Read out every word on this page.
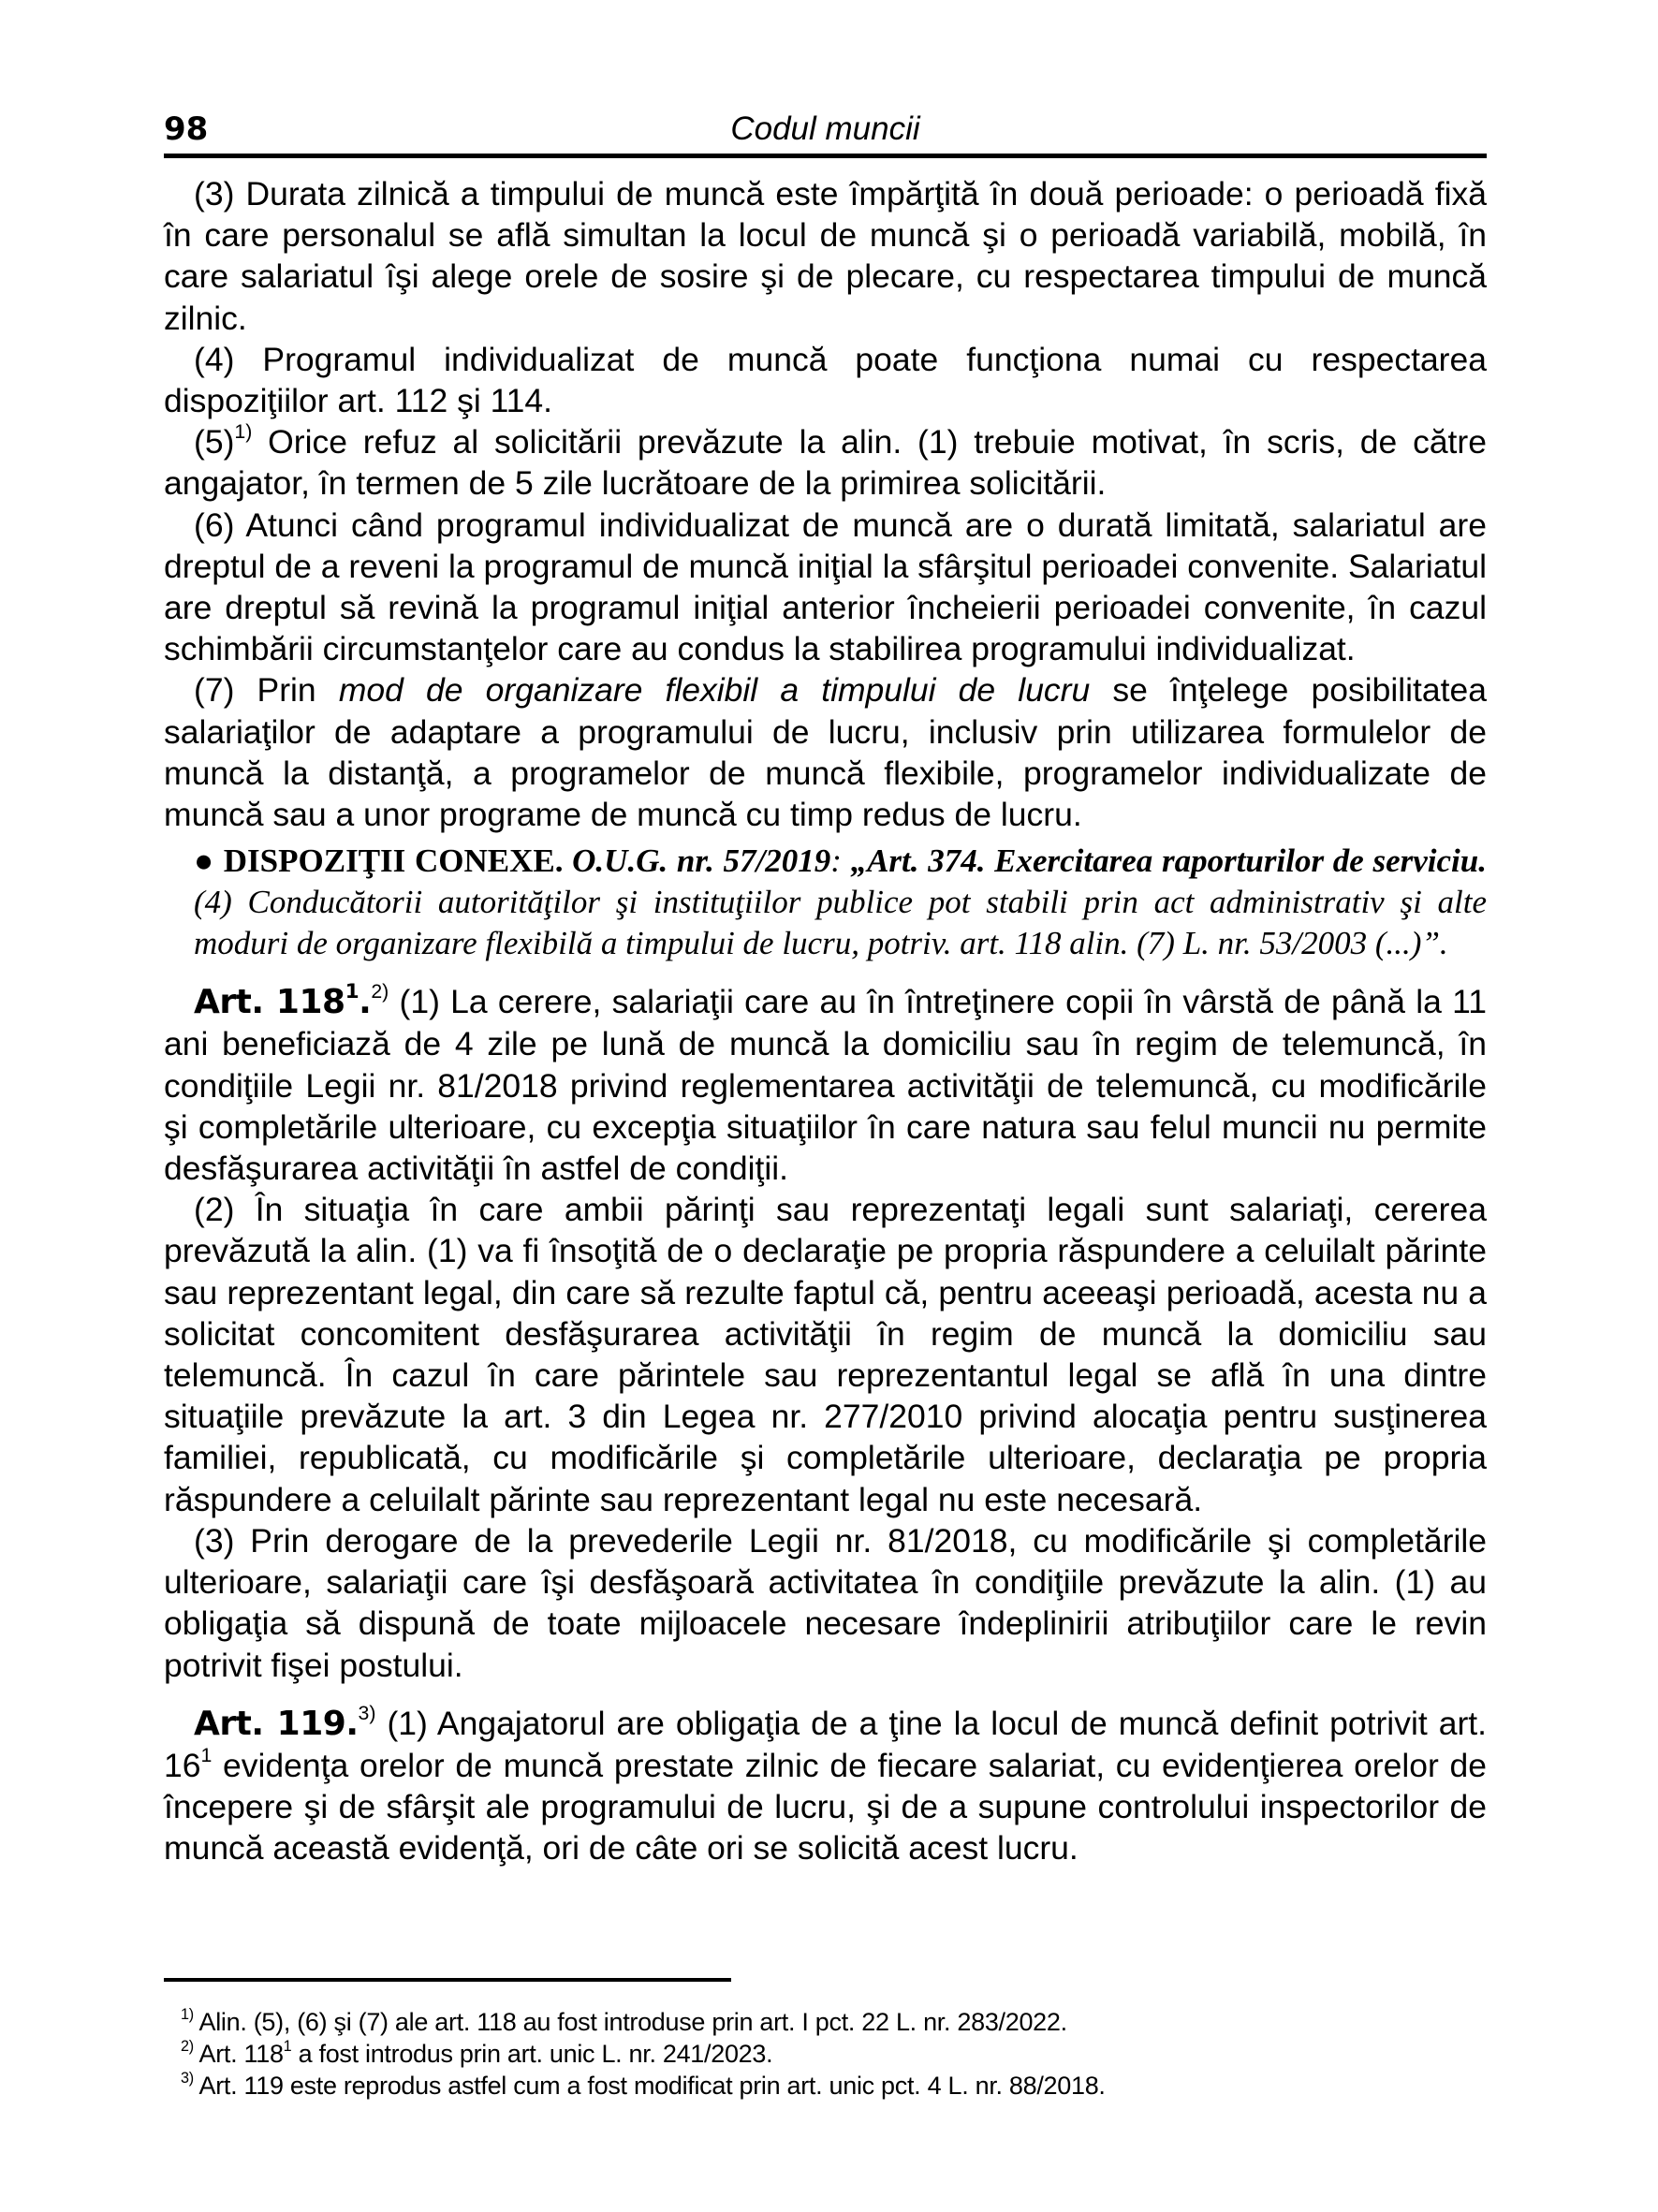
98	Codul muncii

(3) Durata zilnică a timpului de muncă este împărţită în două perioade: o perioadă fixă în care personalul se află simultan la locul de muncă şi o perioadă variabilă, mobilă, în care salariatul îşi alege orele de sosire şi de plecare, cu respectarea timpului de muncă zilnic.

(4) Programul individualizat de muncă poate funcţiona numai cu respectarea dispoziţiilor art. 112 şi 114.

$(5)^{1)}$ Orice refuz al solicitării prevăzute la alin. (1) trebuie motivat, în scris, de către angajator, în termen de 5 zile lucrătoare de la primirea solicitării.

(6) Atunci când programul individualizat de muncă are o durată limitată, salariatul are dreptul de a reveni la programul de muncă iniţial la sfârşitul perioadei convenite. Salariatul are dreptul să revină la programul iniţial anterior încheierii perioadei convenite, în cazul schimbării circumstanţelor care au condus la stabilirea programului individualizat.

(7) Prin mod de organizare flexibil a timpului de lucru se înţelege posibilitatea salariaţilor de adaptare a programului de lucru, inclusiv prin utilizarea formulelor de muncă la distanţă, a programelor de muncă flexibile, programelor individualizate de muncă sau a unor programe de muncă cu timp redus de lucru.

● DISPOZIŢII CONEXE. O.U.G. nr. 57/2019: „Art. 374. Exercitarea raporturilor de serviciu. (4) Conducătorii autorităţilor şi instituţiilor publice pot stabili prin act administrativ şi alte moduri de organizare flexibilă a timpului de lucru, potriv. art. 118 alin. (7) L. nr. 53/2003 (...)”.

Art. $118^1.^{2)}$ (1) La cerere, salariaţii care au în întreţinere copii în vârstă de până la 11 ani beneficiază de 4 zile pe lună de muncă la domiciliu sau în regim de telemuncă, în condiţiile Legii nr. 81/2018 privind reglementarea activităţii de telemuncă, cu modificările şi completările ulterioare, cu excepţia situaţiilor în care natura sau felul muncii nu permite desfăşurarea activităţii în astfel de condiţii.

(2) În situaţia în care ambii părinţi sau reprezentaţi legali sunt salariaţi, cererea prevăzută la alin. (1) va fi însoţită de o declaraţie pe propria răspundere a celuilalt părinte sau reprezentant legal, din care să rezulte faptul că, pentru aceeaşi perioadă, acesta nu a solicitat concomitent desfăşurarea activităţii în regim de muncă la domiciliu sau telemuncă. În cazul în care părintele sau reprezentantul legal se află în una dintre situaţiile prevăzute la art. 3 din Legea nr. 277/2010 privind alocaţia pentru susţinerea familiei, republicată, cu modificările şi completările ulterioare, declaraţia pe propria răspundere a celuilalt părinte sau reprezentant legal nu este necesară.

(3) Prin derogare de la prevederile Legii nr. 81/2018, cu modificările şi completările ulterioare, salariaţii care îşi desfăşoară activitatea în condiţiile prevăzute la alin. (1) au obligaţia să dispună de toate mijloacele necesare îndeplinirii atribuţiilor care le revin potrivit fişei postului.

Art. 119.$^{3)}$ (1) Angajatorul are obligaţia de a ţine la locul de muncă definit potrivit art. $16^1$ evidenţa orelor de muncă prestate zilnic de fiecare salariat, cu evidenţierea orelor de începere şi de sfârşit ale programului de lucru, şi de a supune controlului inspectorilor de muncă această evidenţă, ori de câte ori se solicită acest lucru.

$^{1)}$ Alin. (5), (6) şi (7) ale art. 118 au fost introduse prin art. I pct. 22 L. nr. 283/2022.

$^{2)}$ Art. $118^1$ a fost introdus prin art. unic L. nr. 241/2023.

$^{3)}$ Art. 119 este reprodus astfel cum a fost modificat prin art. unic pct. 4 L. nr. 88/2018.
